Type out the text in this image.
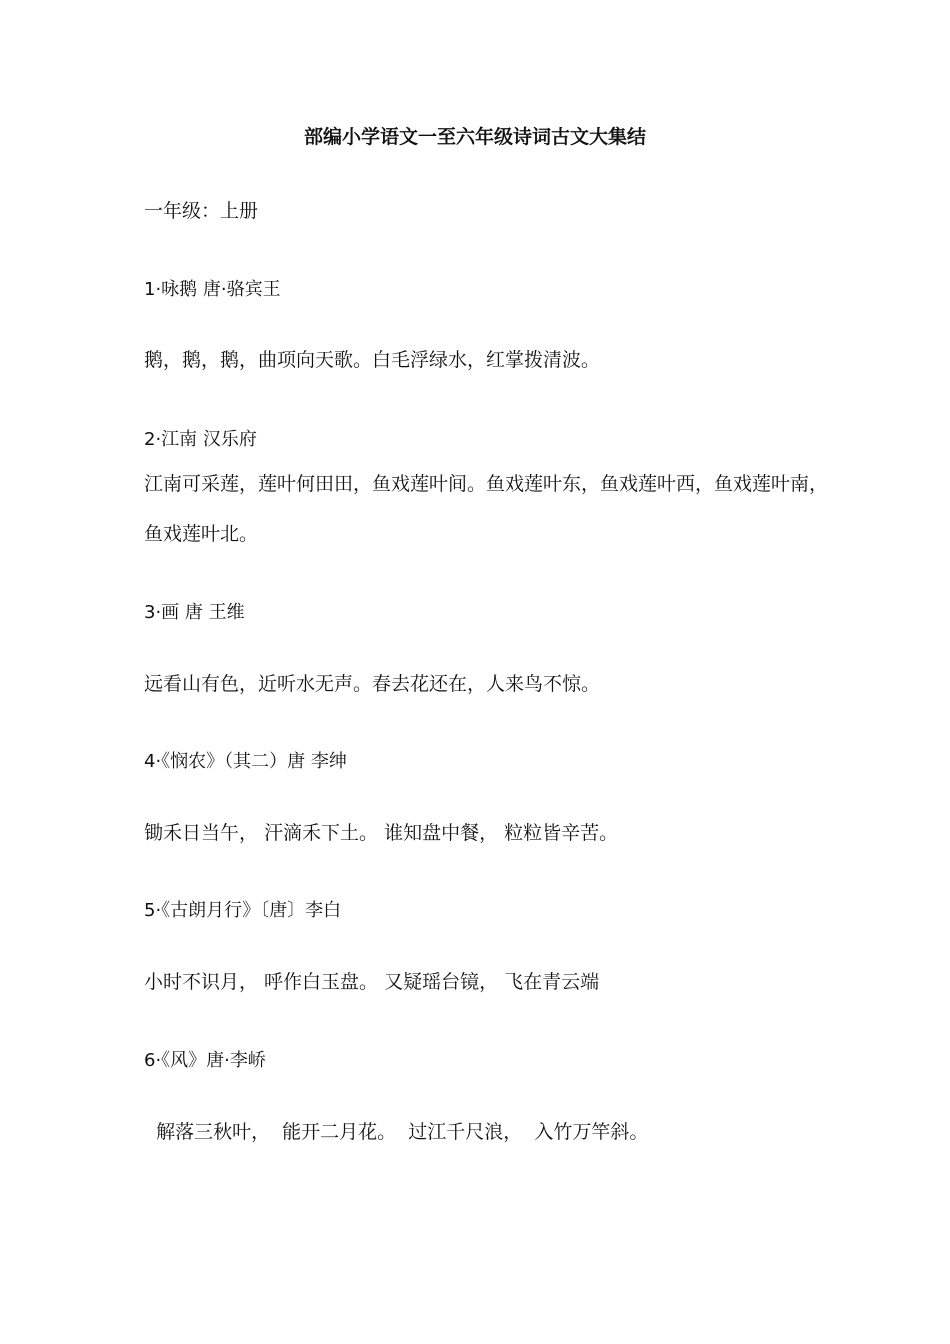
部编小学语文一至六年级诗词古文大集结
一年级：上册
1·咏鹅 唐·骆宾王
鹅，鹅，鹅，曲项向天歌。白毛浮绿水，红掌拨清波。
2·江南 汉乐府
江南可采莲，莲叶何田田，鱼戏莲叶间。鱼戏莲叶东，鱼戏莲叶西，鱼戏莲叶南，
鱼戏莲叶北。
3·画 唐 王维
远看山有色，近听水无声。春去花还在，人来鸟不惊。
4·《悯农》（其二）唐 李绅
锄禾日当午， 汗滴禾下土。 谁知盘中餐， 粒粒皆辛苦。
5·《古朗月行》〔唐〕李白
小时不识月， 呼作白玉盘。 又疑瑶台镜， 飞在青云端
6·《风》唐·李峤
解落三秋叶，  能开二月花。  过江千尺浪，  入竹万竿斜。
